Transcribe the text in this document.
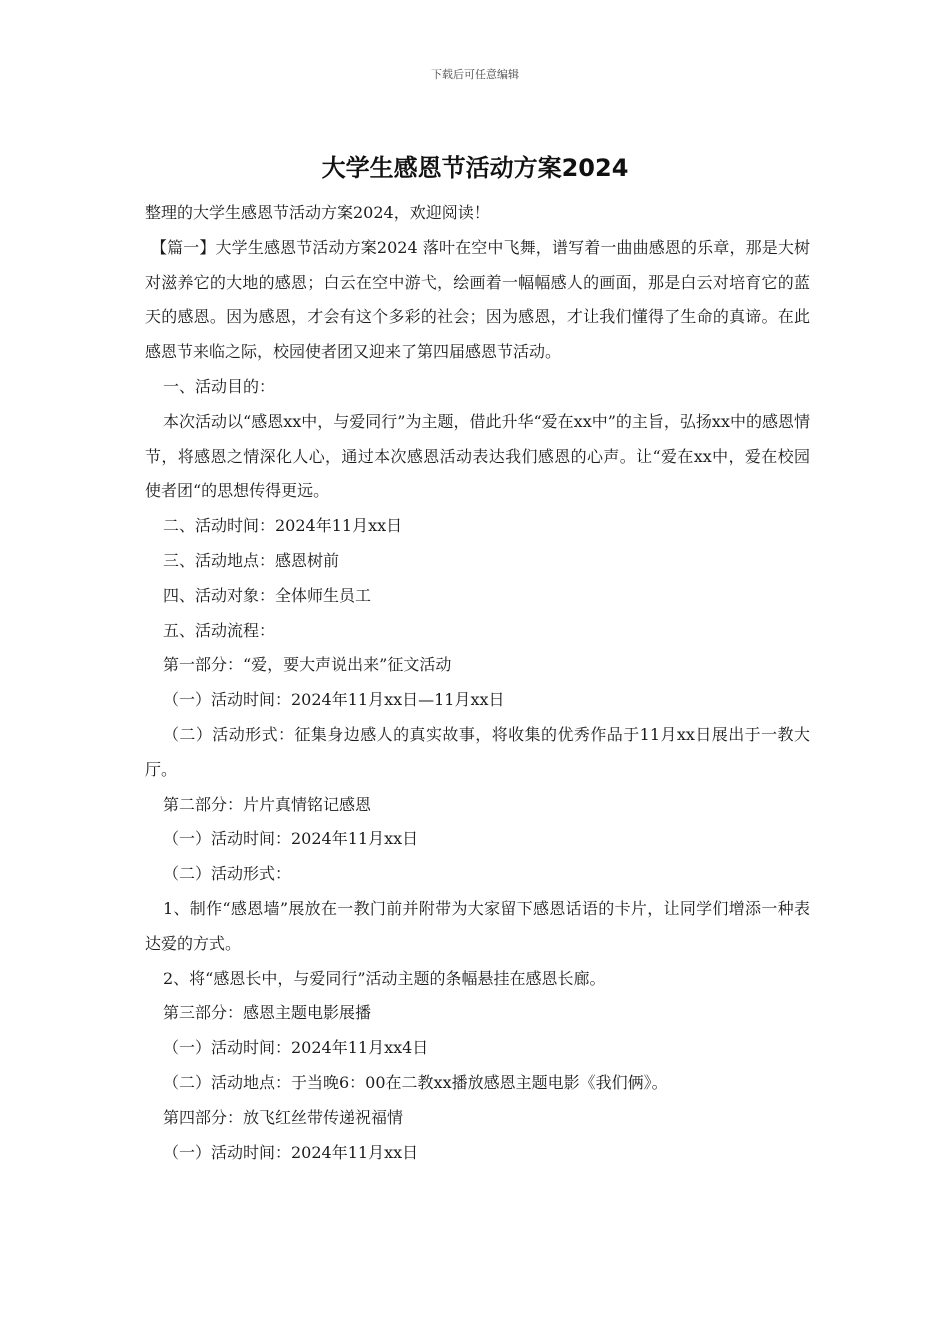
下载后可任意编辑
大学生感恩节活动方案2024

整理的大学生感恩节活动方案2024，欢迎阅读！

【篇一】大学生感恩节活动方案2024 落叶在空中飞舞，谱写着一曲曲感恩的乐章，那是大树对滋养它的大地的感恩；白云在空中游弋，绘画着一幅幅感人的画面，那是白云对培育它的蓝天的感恩。因为感恩，才会有这个多彩的社会；因为感恩，才让我们懂得了生命的真谛。在此感恩节来临之际，校园使者团又迎来了第四届感恩节活动。

一、活动目的：

本次活动以“感恩xx中，与爱同行”为主题，借此升华“爱在xx中”的主旨，弘扬xx中的感恩情节，将感恩之情深化人心，通过本次感恩活动表达我们感恩的心声。让“爱在xx中，爱在校园使者团“的思想传得更远。

二、活动时间：2024年11月xx日

三、活动地点：感恩树前

四、活动对象：全体师生员工

五、活动流程：

第一部分：“爱，要大声说出来”征文活动

（一）活动时间：2024年11月xx日—11月xx日

（二）活动形式：征集身边感人的真实故事，将收集的优秀作品于11月xx日展出于一教大厅。

第二部分：片片真情铭记感恩

（一）活动时间：2024年11月xx日

（二）活动形式：

1、制作“感恩墙”展放在一教门前并附带为大家留下感恩话语的卡片，让同学们增添一种表达爱的方式。

2、将“感恩长中，与爱同行”活动主题的条幅悬挂在感恩长廊。

第三部分：感恩主题电影展播

（一）活动时间：2024年11月xx4日

（二）活动地点：于当晚6：00在二教xx播放感恩主题电影《我们俩》。

第四部分：放飞红丝带传递祝福情

（一）活动时间：2024年11月xx日
